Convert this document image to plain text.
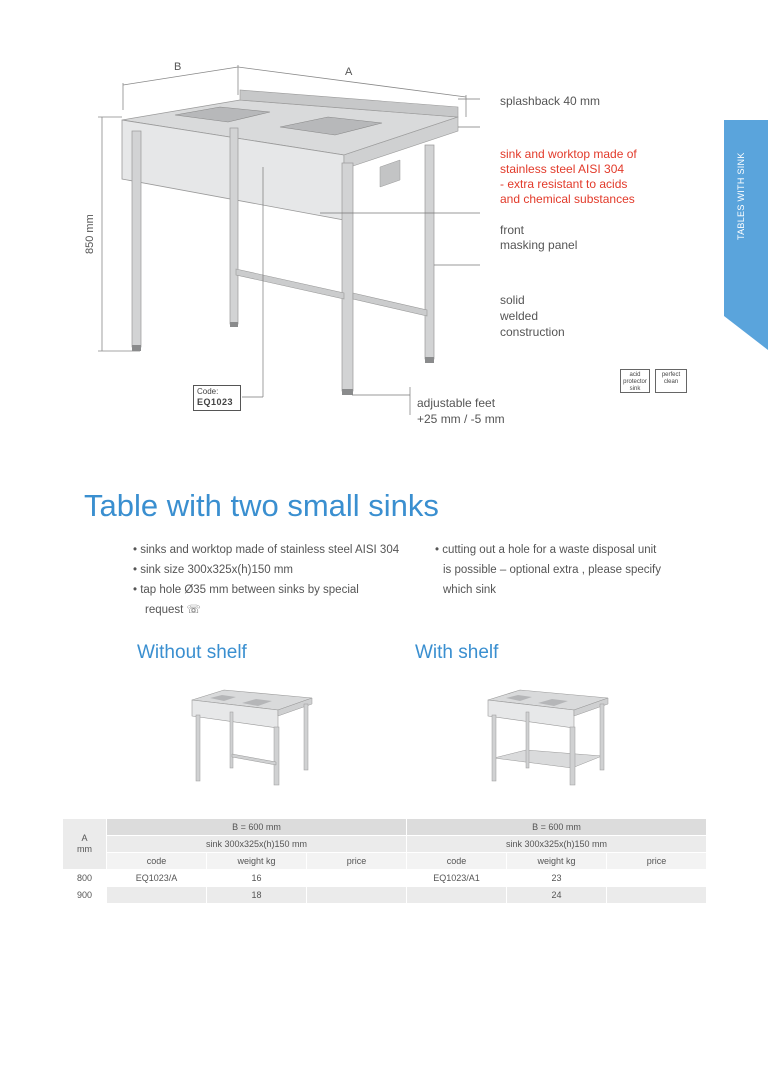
TABLES WITH SINK
B	A
850 mm
Code:
EQ1023
splashback 40 mm
sink and worktop made of
stainless steel AISI 304
- extra resistant to acids
and chemical substances
front
masking panel
solid
welded
construction
adjustable feet
+25 mm / -5 mm
acid
protector
sink
perfect
clean
Table with two small sinks
• sinks and worktop made of stainless steel AISI 304
• sink size 300x325x(h)150 mm
• tap hole Ø35 mm between sinks by special
request ☏
• cutting out a hole for a waste disposal unit
is possible – optional extra , please specify
which sink
Without shelf	With shelf
A
mm	B = 600 mm			B = 600 mm		
	sink 300x325x(h)150 mm			sink 300x325x(h)150 mm		
	code	weight kg	price	code	weight kg	price
800	EQ1023/A	16		EQ1023/A1	23	
900		18			24	
